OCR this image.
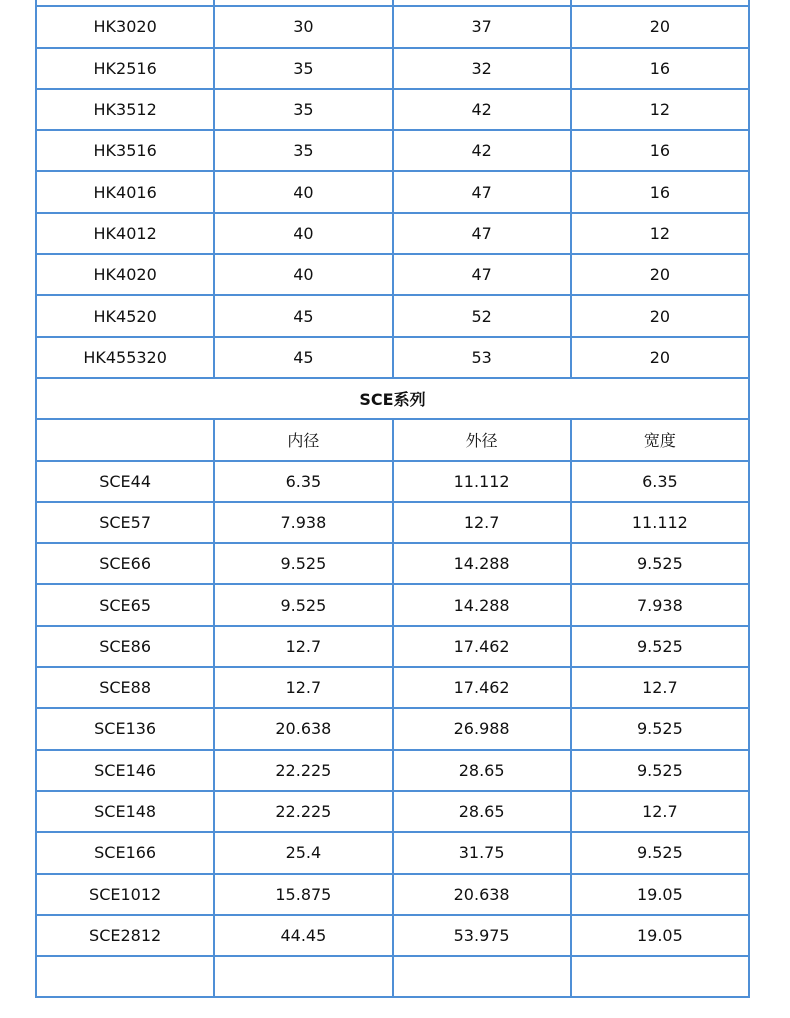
HK3020	30	37	20
HK2516	35	32	16
HK3512	35	42	12
HK3516	35	42	16
HK4016	40	47	16
HK4012	40	47	12
HK4020	40	47	20
HK4520	45	52	20
HK455320	45	53	20
SCE系列			
	内径	外径	宽度
SCE44	6.35	11.112	6.35
SCE57	7.938	12.7	11.112
SCE66	9.525	14.288	9.525
SCE65	9.525	14.288	7.938
SCE86	12.7	17.462	9.525
SCE88	12.7	17.462	12.7
SCE136	20.638	26.988	9.525
SCE146	22.225	28.65	9.525
SCE148	22.225	28.65	12.7
SCE166	25.4	31.75	9.525
SCE1012	15.875	20.638	19.05
SCE2812	44.45	53.975	19.05
